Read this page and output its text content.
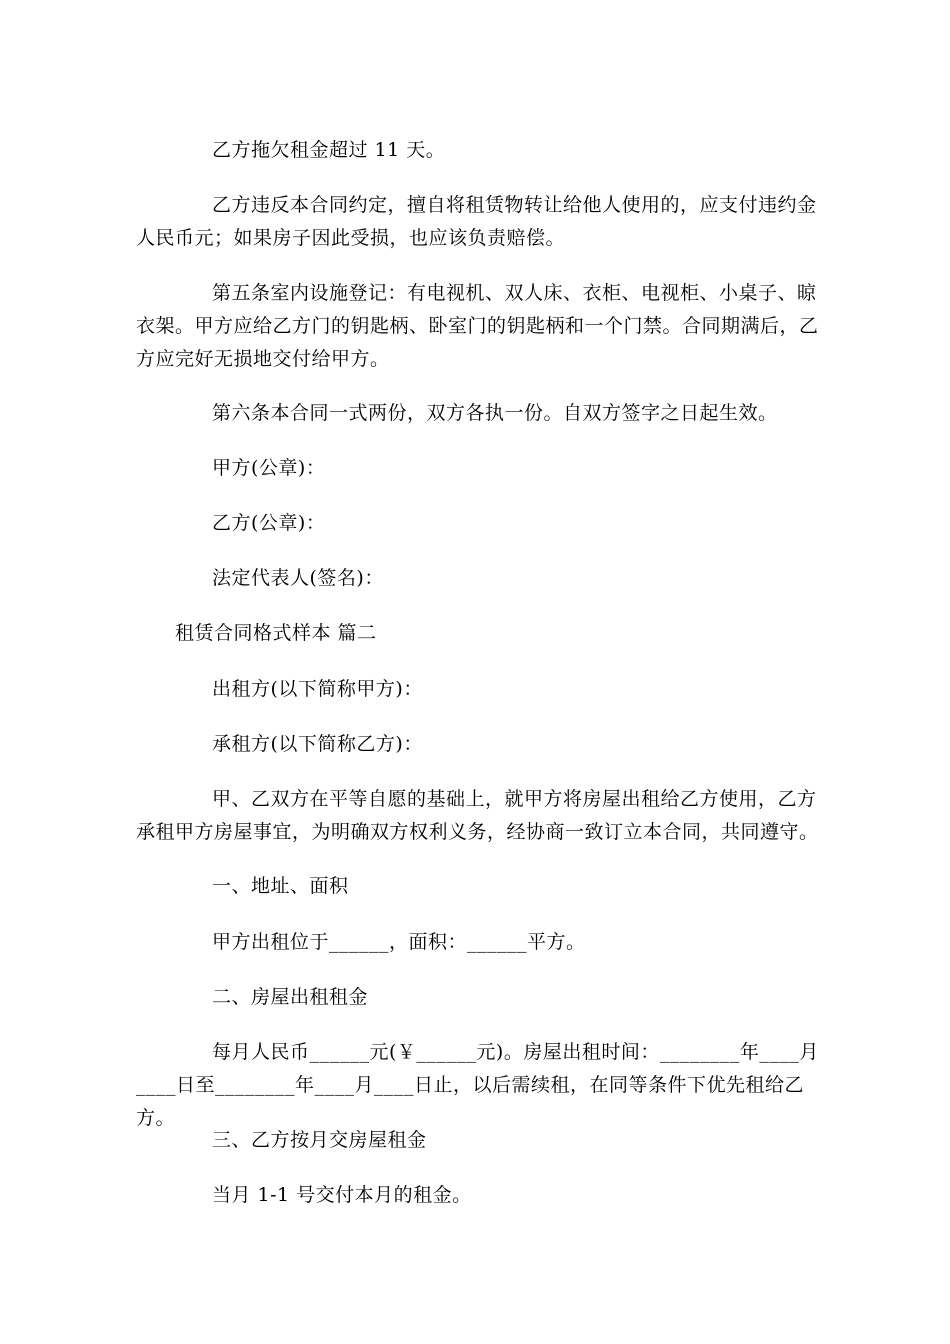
乙方拖欠租金超过 11 天。
乙方违反本合同约定，擅自将租赁物转让给他人使用的，应支付违约金人民币元；如果房子因此受损，也应该负责赔偿。
第五条室内设施登记：有电视机、双人床、衣柜、电视柜、小桌子、晾衣架。甲方应给乙方门的钥匙柄、卧室门的钥匙柄和一个门禁。合同期满后，乙方应完好无损地交付给甲方。
第六条本合同一式两份，双方各执一份。自双方签字之日起生效。
甲方(公章)：
乙方(公章)：
法定代表人(签名)：
租赁合同格式样本 篇二
出租方(以下简称甲方)：
承租方(以下简称乙方)：
甲、乙双方在平等自愿的基础上，就甲方将房屋出租给乙方使用，乙方承租甲方房屋事宜，为明确双方权利义务，经协商一致订立本合同，共同遵守。
一、地址、面积
甲方出租位于______，面积：______平方。
二、房屋出租租金
每月人民币______元(￥______元)。房屋出租时间：________年____月____日至________年____月____日止，以后需续租，在同等条件下优先租给乙方。
三、乙方按月交房屋租金
当月 1-1 号交付本月的租金。
